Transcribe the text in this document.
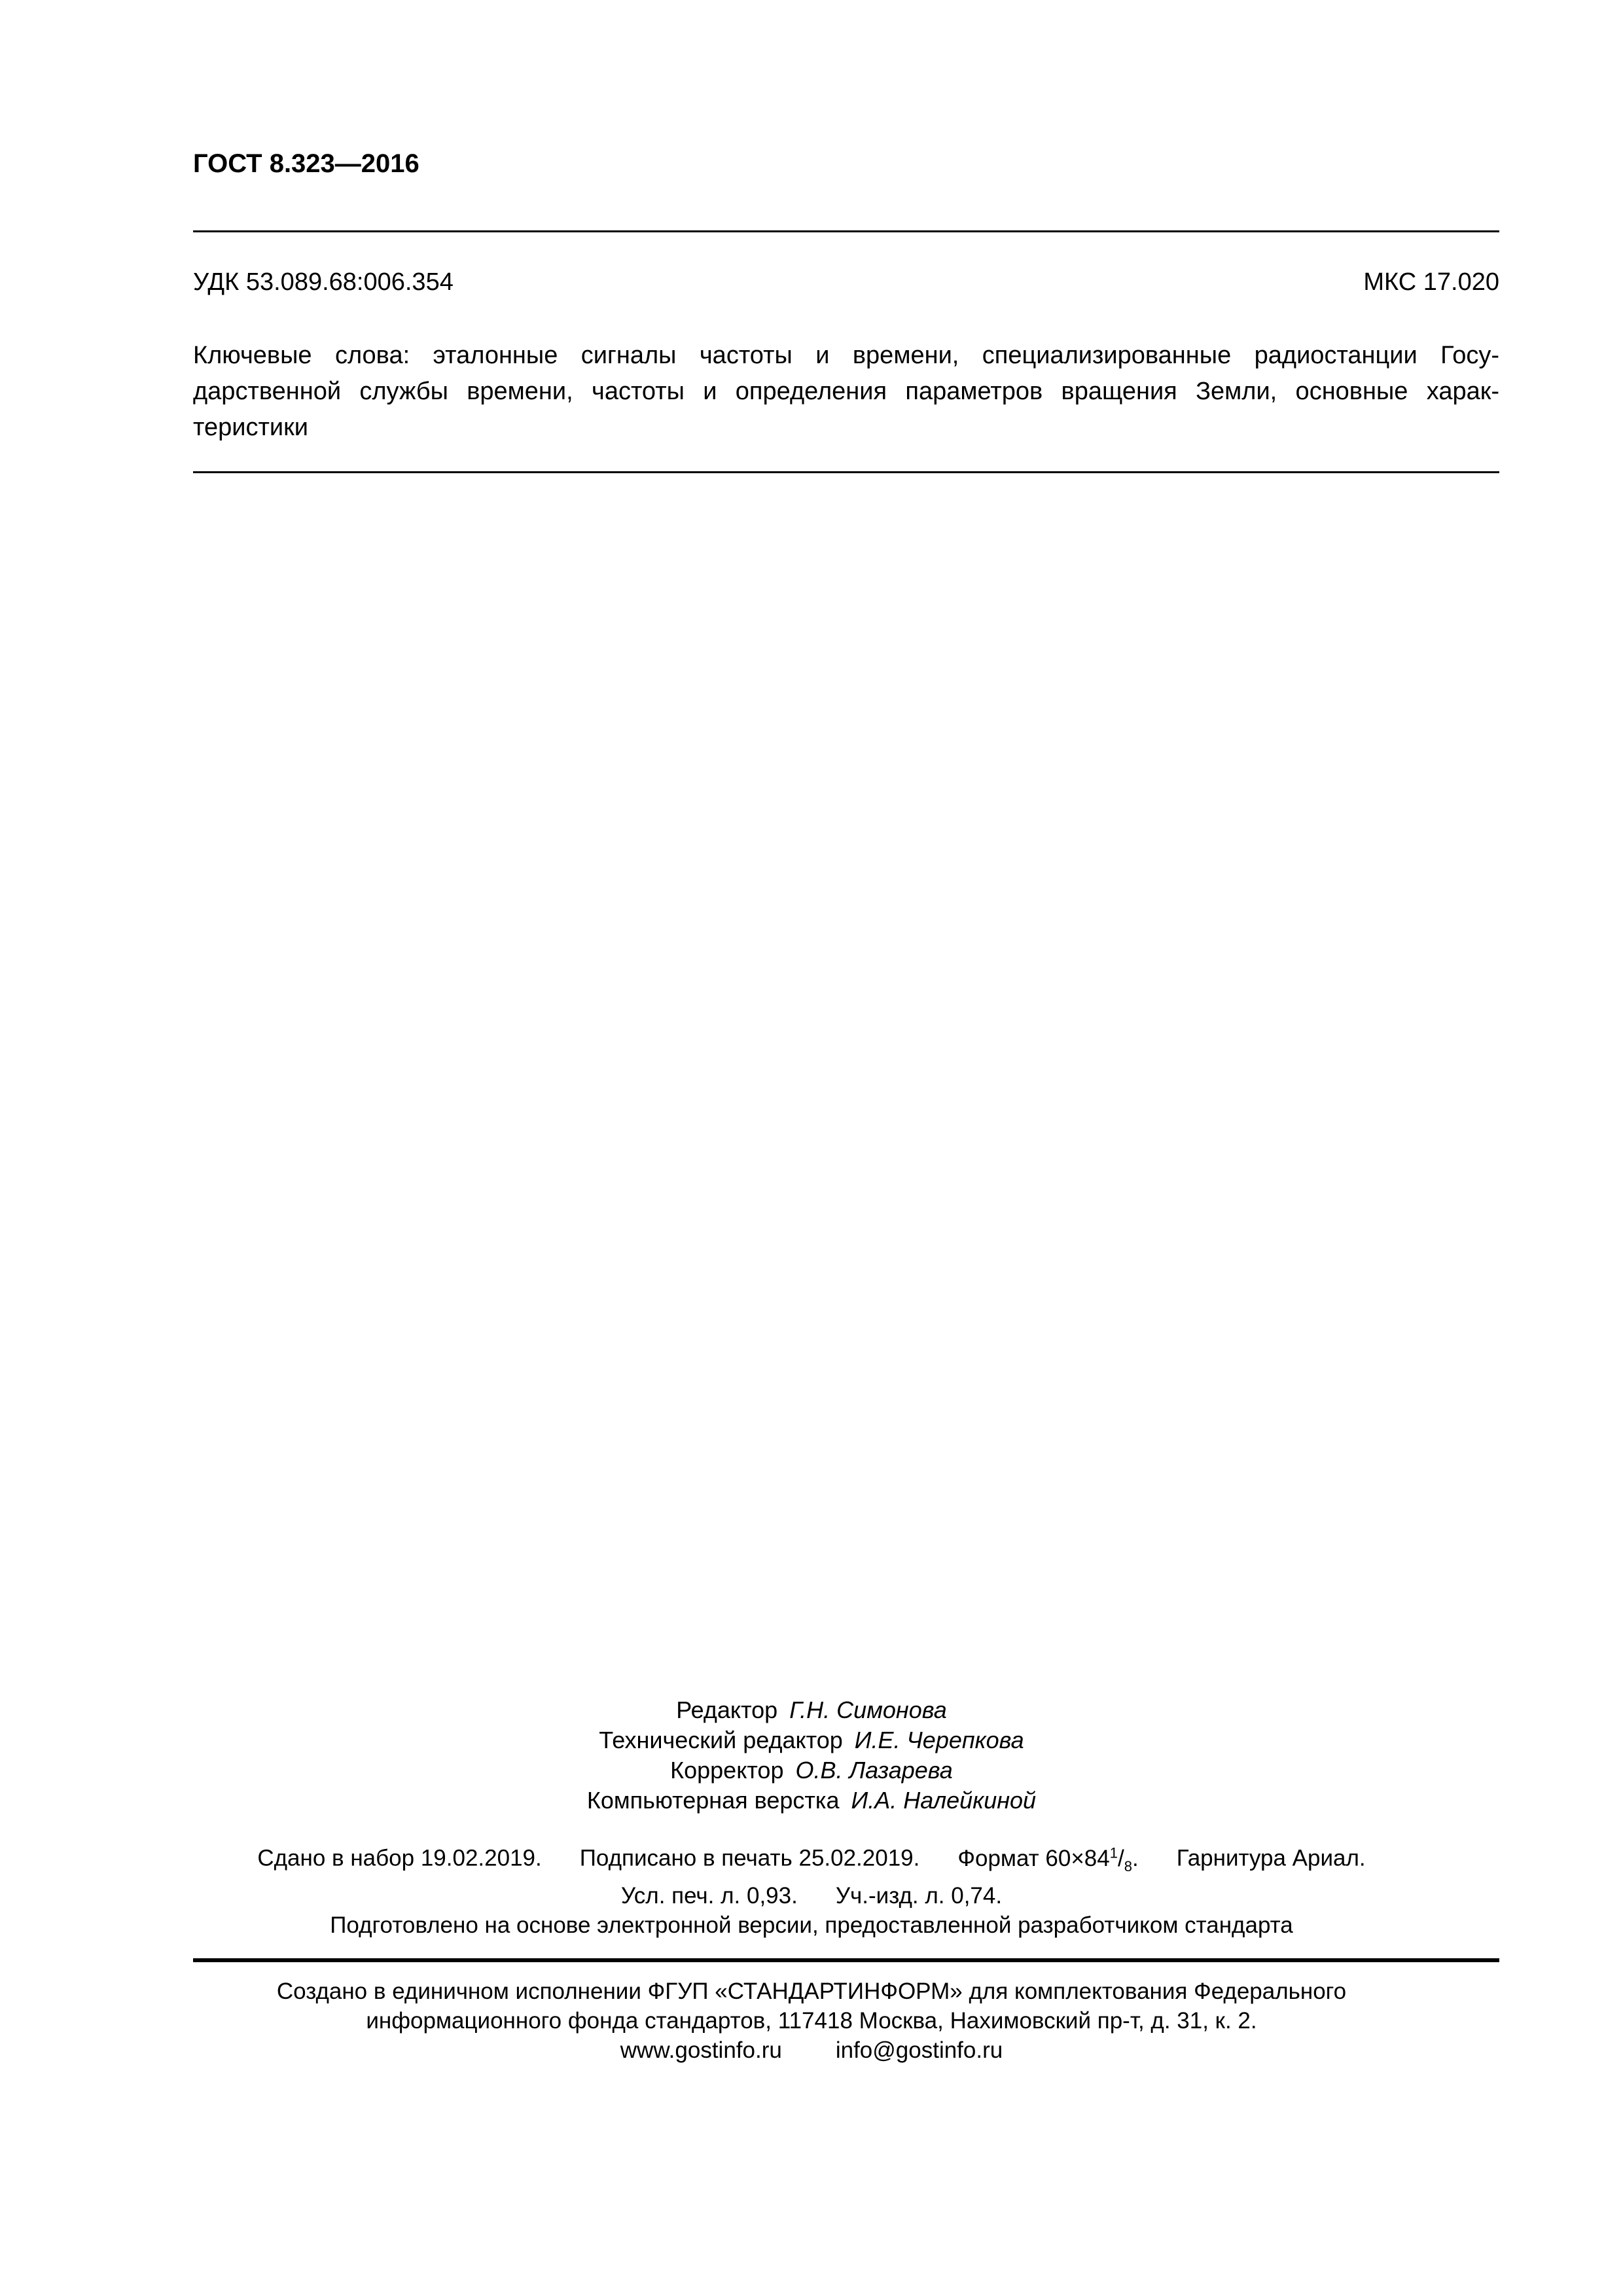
ГОСТ 8.323—2016
УДК 53.089.68:006.354	МКС 17.020
Ключевые слова: эталонные сигналы частоты и времени, специализированные радиостанции Госу-
дарственной службы времени, частоты и определения параметров вращения Земли, основные харак-
теристики
Редактор Г.Н. Симонова
Технический редактор И.Е. Черепкова
Корректор О.В. Лазарева
Компьютерная верстка И.А. Налейкиной
Сдано в набор 19.02.2019. Подписано в печать 25.02.2019. Формат $60\times 84^1/_8$. Гарнитура Ариал.
Усл. печ. л. 0,93. Уч.-изд. л. 0,74.
Подготовлено на основе электронной версии, предоставленной разработчиком стандарта
Создано в единичном исполнении ФГУП «СТАНДАРТИНФОРМ» для комплектования Федерального
информационного фонда стандартов, 117418 Москва, Нахимовский пр-т, д. 31, к. 2.
www.gostinfo.ru info@gostinfo.ru
